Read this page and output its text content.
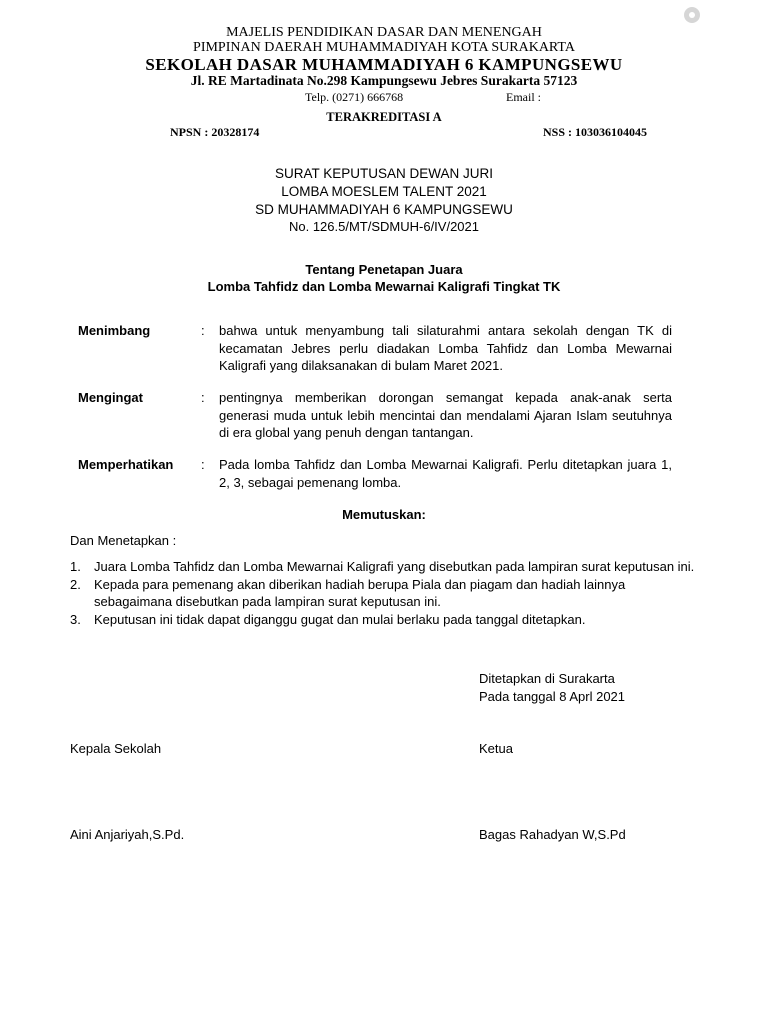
MAJELIS PENDIDIKAN DASAR DAN MENENGAH
PIMPINAN DAERAH MUHAMMADIYAH KOTA SURAKARTA
SEKOLAH DASAR MUHAMMADIYAH 6 KAMPUNGSEWU
Jl. RE Martadinata No.298 Kampungsewu Jebres Surakarta 57123
Telp. (0271) 666768	Email :
TERAKREDITASI A
NPSN : 20328174	NSS : 103036104045
SURAT KEPUTUSAN DEWAN JURI
LOMBA MOESLEM TALENT 2021
SD MUHAMMADIYAH 6 KAMPUNGSEWU
No. 126.5/MT/SDMUH-6/IV/2021
Tentang Penetapan Juara
Lomba Tahfidz dan Lomba Mewarnai Kaligrafi Tingkat TK
Menimbang	: bahwa untuk menyambung tali silaturahmi antara sekolah dengan TK di kecamatan Jebres perlu diadakan Lomba Tahfidz dan Lomba Mewarnai Kaligrafi yang dilaksanakan di bulam Maret 2021.
Mengingat	: pentingnya memberikan dorongan semangat kepada anak-anak serta generasi muda untuk lebih mencintai dan mendalami Ajaran Islam seutuhnya di era global yang penuh dengan tantangan.
Memperhatikan	: Pada lomba Tahfidz dan Lomba Mewarnai Kaligrafi. Perlu ditetapkan juara 1, 2, 3, sebagai pemenang lomba.
Memutuskan:
Dan Menetapkan :
1. Juara Lomba Tahfidz dan Lomba Mewarnai Kaligrafi yang disebutkan pada lampiran surat keputusan ini.
2. Kepada para pemenang akan diberikan hadiah berupa Piala dan piagam dan hadiah lainnya sebagaimana disebutkan pada lampiran surat keputusan ini.
3. Keputusan ini tidak dapat diganggu gugat dan mulai berlaku pada tanggal ditetapkan.
Ditetapkan di Surakarta
Pada tanggal 8 Aprl 2021
Kepala Sekolah	Ketua
Aini Anjariyah,S.Pd.	Bagas Rahadyan W,S.Pd
